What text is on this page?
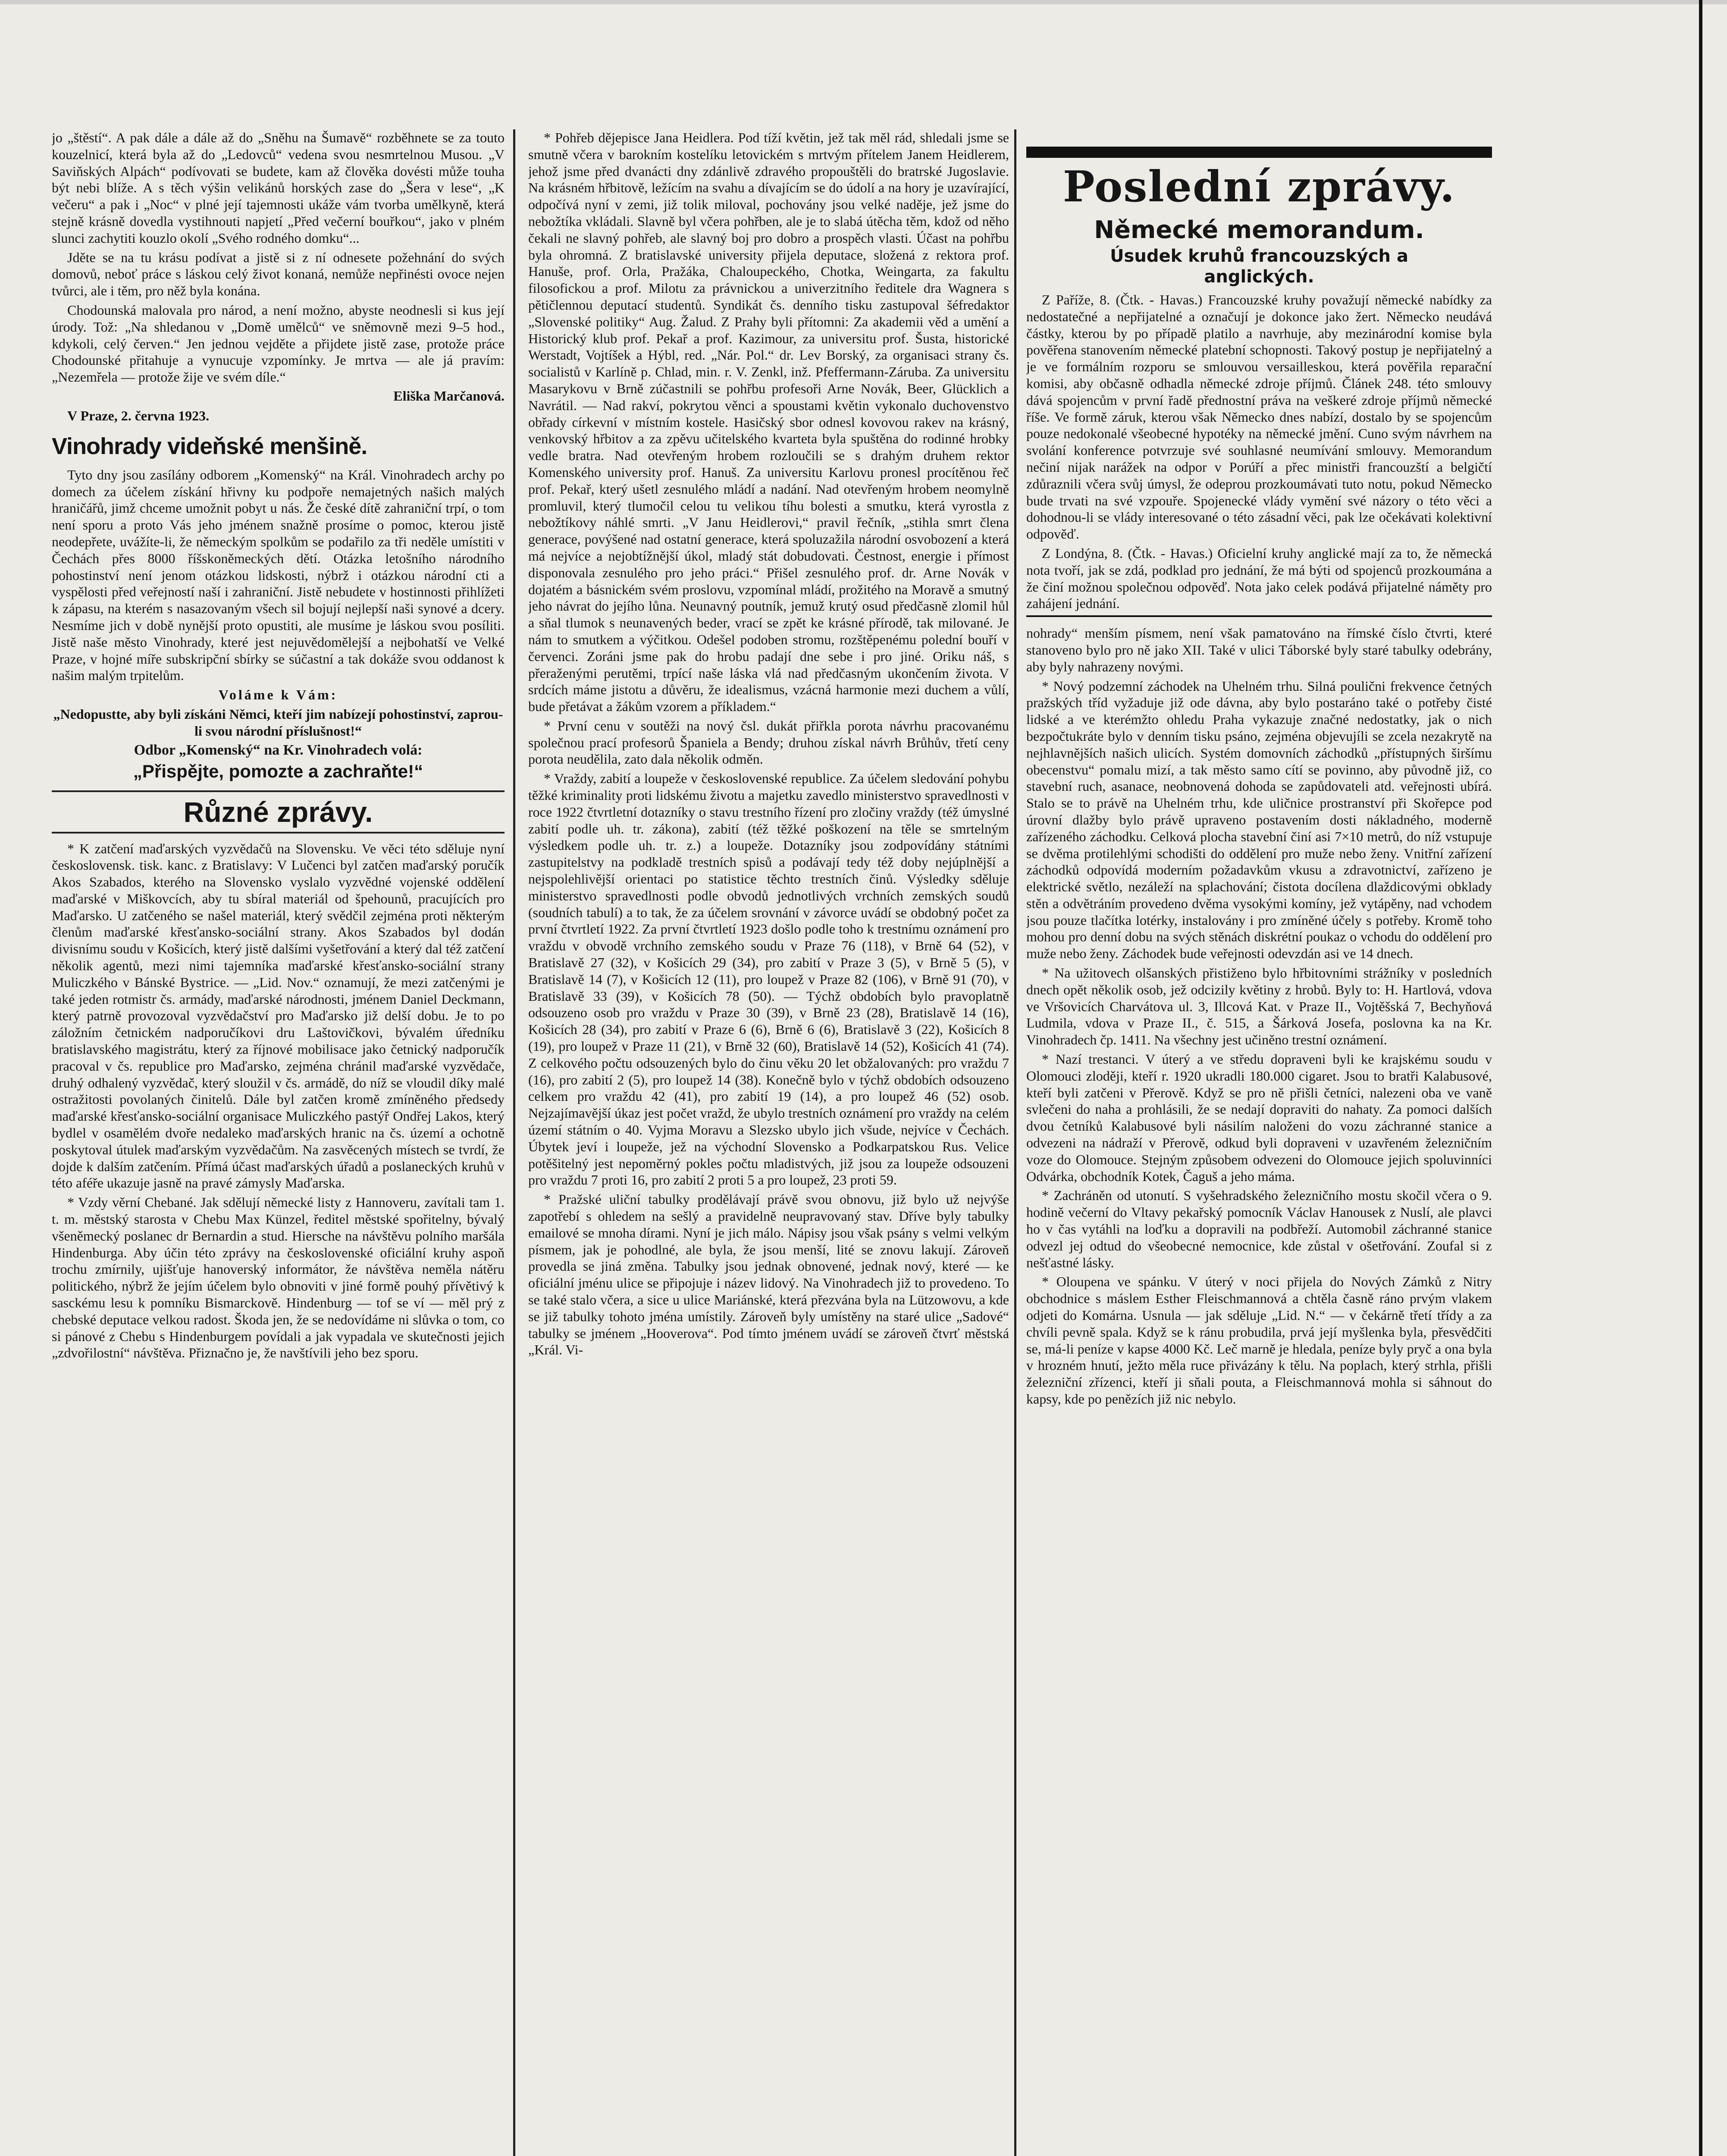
jo „štěstí“. A pak dále a dále až do „Sněhu na Šumavě“ rozběhnete se za touto kouzelnicí, která byla až do „Ledovců“ vedena svou nesmrtelnou Musou. „V Saviňských Alpách“ podívovati se budete, kam až člověka dovésti může touha být nebi blíže. A s těch výšin velikánů horských zase do „Šera v lese“, „K večeru“ a pak i „Noc“ v plné její tajemnosti ukáže vám tvorba umělkyně, která stejně krásně dovedla vystihnouti napjetí „Před večerní bouřkou“, jako v plném slunci zachytiti kouzlo okolí „Svého rodného domku“...

Jděte se na tu krásu podívat a jistě si z ní odnesete požehnání do svých domovů, neboť práce s láskou celý život konaná, nemůže nepřinésti ovoce nejen tvůrci, ale i těm, pro něž byla konána.

Chodounská malovala pro národ, a není možno, abyste neodnesli si kus její úrody. Tož: „Na shledanou v „Domě umělců“ ve sněmovně mezi 9–5 hod., kdykoli, celý červen.“ Jen jednou vejděte a přijdete jistě zase, protože práce Chodounské přitahuje a vynucuje vzpomínky. Je mrtva — ale já pravím: „Nezemřela — protože žije ve svém díle.“

Eliška Marčanová.

V Praze, 2. června 1923.

Vinohrady videňské menšině.

Tyto dny jsou zasílány odborem „Komenský“ na Král. Vinohradech archy po domech za účelem získání hřivny ku podpoře nemajetných našich malých hraničářů, jimž chceme umožnit pobyt u nás. Že české dítě zahraniční trpí, o tom není sporu a proto Vás jeho jménem snažně prosíme o pomoc, kterou jistě neodepřete, uvážíte-li, že německým spolkům se podařilo za tři neděle umístiti v Čechách přes 8000 říšskoněmeckých dětí. Otázka letošního národního pohostinství není jenom otázkou lidskosti, nýbrž i otázkou národní cti a vyspělosti před veřejností naší i zahraniční. Jistě nebudete v hostinnosti přihlížeti k zápasu, na kterém s nasazovaným všech sil bojují nejlepší naši synové a dcery. Nesmíme jich v době nynější proto opustiti, ale musíme je láskou svou posíliti. Jistě naše město Vinohrady, které jest nejuvědomělejší a nejbohatší ve Velké Praze, v hojné míře subskripční sbírky se súčastní a tak dokáže svou oddanost k našim malým trpitelům.

Voláme k Vám:

„Nedopustte, aby byli získáni Němci, kteří jim nabízejí pohostinství, zaprou-li svou národní příslušnost!“

Odbor „Komenský“ na Kr. Vinohradech volá:
„Přispějte, pomozte a zachraňte!“
Různé zprávy.

* K zatčení maďarských vyzvědačů na Slovensku. Ve věci této sděluje nyní československ. tisk. kanc. z Bratislavy: V Lučenci byl zatčen maďarský poručík Akos Szabados, kterého na Slovensko vyslalo vyzvědné vojenské oddělení maďarské v Miškovcích, aby tu sbíral materiál od špehounů, pracujících pro Maďarsko. U zatčeného se našel materiál, který svědčil zejména proti některým členům maďarské křesťansko-sociální strany. Akos Szabados byl dodán divisnímu soudu v Košicích, který jistě dalšími vyšetřování a který dal též zatčení několik agentů, mezi nimi tajemníka maďarské křesťansko-sociální strany Muliczkého v Bánské Bystrice. — „Lid. Nov.“ oznamují, že mezi zatčenými je také jeden rotmistr čs. armády, maďarské národnosti, jménem Daniel Deckmann, který patrně provozoval vyzvědačství pro Maďarsko již delší dobu. Je to po záložním četnickém nadporučíkovi dru Laštovičkovi, bývalém úředníku bratislavského magistrátu, který za říjnové mobilisace jako četnický nadporučík pracoval v čs. republice pro Maďarsko, zejména chránil maďarské vyzvědače, druhý odhalený vyzvědač, který sloužil v čs. armádě, do níž se vloudil díky malé ostražitosti povolaných činitelů. Dále byl zatčen kromě zmíněného předsedy maďarské křesťansko-sociální organisace Muliczkého pastýř Ondřej Lakos, který bydlel v osamělém dvoře nedaleko maďarských hranic na čs. území a ochotně poskytoval útulek maďarským vyzvědačům. Na zasvěcených místech se tvrdí, že dojde k dalším zatčením. Přímá účast maďarských úřadů a poslaneckých kruhů v této aféře ukazuje jasně na pravé zámysly Maďarska.

* Vzdy věrní Chebané. Jak sdělují německé listy z Hannoveru, zavítali tam 1. t. m. městský starosta v Chebu Max Künzel, ředitel městské spořitelny, bývalý všeněmecký poslanec dr Bernardin a stud. Hiersche na návštěvu polního maršála Hindenburga. Aby účin této zprávy na československé oficiální kruhy aspoň trochu zmírnily, ujišťuje hanoverský informátor, že návštěva neměla nátěru politického, nýbrž že jejím účelem bylo obnoviti v jiné formě pouhý přívětivý k sasckému lesu k pomníku Bismarckově. Hindenburg — tof se ví — měl prý z chebské deputace velkou radost. Škoda jen, že se nedovídáme ni slůvka o tom, co si pánové z Chebu s Hindenburgem povídali a jak vypadala ve skutečnosti jejich „zdvořilostní“ návštěva. Přiznačno je, že navštívili jeho bez sporu.

* Pohřeb dějepisce Jana Heidlera. Pod tíží květin, jež tak měl rád, shledali jsme se smutně včera v barokním kostelíku letovickém s mrtvým přítelem Janem Heidlerem, jehož jsme před dvanácti dny zdánlivě zdravého propouštěli do bratrské Jugoslavie. Na krásném hřbitově, ležícím na svahu a dívajícím se do údolí a na hory je uzavírající, odpočívá nyní v zemi, již tolik miloval, pochovány jsou velké naděje, jež jsme do nebožtíka vkládali. Slavně byl včera pohřben, ale je to slabá útěcha těm, kdož od něho čekali ne slavný pohřeb, ale slavný boj pro dobro a prospěch vlasti. Účast na pohřbu byla ohromná. Z bratislavské university přijela deputace, složená z rektora prof. Hanuše, prof. Orla, Pražáka, Chaloupeckého, Chotka, Weingarta, za fakultu filosofickou a prof. Milotu za právnickou a univerzitního ředitele dra Wagnera s pětičlennou deputací studentů. Syndikát čs. denního tisku zastupoval šéfredaktor „Slovenské politiky“ Aug. Žalud. Z Prahy byli přítomni: Za akademii věd a umění a Historický klub prof. Pekař a prof. Kazimour, za universitu prof. Šusta, historické Werstadt, Vojtíšek a Hýbl, red. „Nár. Pol.“ dr. Lev Borský, za organisaci strany čs. socialistů v Karlíně p. Chlad, min. r. V. Zenkl, inž. Pfeffermann-Záruba. Za universitu Masarykovu v Brně zúčastnili se pohřbu profesoři Arne Novák, Beer, Glücklich a Navrátil. — Nad rakví, pokrytou věnci a spoustami květin vykonalo duchovenstvo obřady církevní v místním kostele. Hasičský sbor odnesl kovovou rakev na krásný, venkovský hřbitov a za zpěvu učitelského kvarteta byla spuštěna do rodinné hrobky vedle bratra. Nad otevřeným hrobem rozloučili se s drahým druhem rektor Komenského university prof. Hanuš. Za universitu Karlovu pronesl procítěnou řeč prof. Pekař, který ušetl zesnulého mládí a nadání. Nad otevřeným hrobem neomylně promluvil, který tlumočil celou tu velikou tíhu bolesti a smutku, která vyrostla z nebožtíkovy náhlé smrti. „V Janu Heidlerovi,“ pravil řečník, „stihla smrt člena generace, povýšené nad ostatní generace, která spoluzažila národní osvobození a která má nejvíce a nejobtížnější úkol, mladý stát dobudovati. Čestnost, energie i přímost disponovala zesnulého pro jeho práci.“ Přišel zesnulého prof. dr. Arne Novák v dojatém a básnickém svém proslovu, vzpomínal mládí, prožitého na Moravě a smutný jeho návrat do jejího lůna. Neunavný poutník, jemuž krutý osud předčasně zlomil hůl a sňal tlumok s neunavených beder, vrací se zpět ke krásné přírodě, tak milované. Je nám to smutkem a výčitkou. Odešel podoben stromu, rozštěpenému polední bouří v červenci. Zoráni jsme pak do hrobu padají dne sebe i pro jiné. Oriku náš, s přeraženými perutěmi, trpící naše láska vlá nad předčasným ukončením života. V srdcích máme jistotu a důvěru, že idealismus, vzácná harmonie mezi duchem a vůlí, bude přetávat a žákům vzorem a příkladem.“

* První cenu v soutěži na nový čsl. dukát přiřkla porota návrhu pracovanému společnou prací profesorů Španiela a Bendy; druhou získal návrh Brůhův, třetí ceny porota neudělila, zato dala několik odměn.

* Vraždy, zabití a loupeže v československé republice. Za účelem sledování pohybu těžké kriminality proti lidskému životu a majetku zavedlo ministerstvo spravedlnosti v roce 1922 čtvrtletní dotazníky o stavu trestního řízení pro zločiny vraždy (též úmyslné zabití podle uh. tr. zákona), zabití (též těžké poškození na těle se smrtelným výsledkem podle uh. tr. z.) a loupeže. Dotazníky jsou zodpovídány státními zastupitelstvy na podkladě trestních spisů a podávají tedy též doby nejúplnější a nejspolehlivější orientaci po statistice těchto trestních činů. Výsledky sděluje ministerstvo spravedlnosti podle obvodů jednotlivých vrchních zemských soudů (soudních tabulí) a to tak, že za účelem srovnání v závorce uvádí se obdobný počet za první čtvrtletí 1922. Za první čtvrtletí 1923 došlo podle toho k trestnímu oznámení pro vraždu v obvodě vrchního zemského soudu v Praze 76 (118), v Brně 64 (52), v Bratislavě 27 (32), v Košicích 29 (34), pro zabití v Praze 3 (5), v Brně 5 (5), v Bratislavě 14 (7), v Košicích 12 (11), pro loupež v Praze 82 (106), v Brně 91 (70), v Bratislavě 33 (39), v Košicích 78 (50). — Týchž obdobích bylo pravoplatně odsouzeno osob pro vraždu v Praze 30 (39), v Brně 23 (28), Bratislavě 14 (16), Košicích 28 (34), pro zabití v Praze 6 (6), Brně 6 (6), Bratislavě 3 (22), Košicích 8 (19), pro loupež v Praze 11 (21), v Brně 32 (60), Bratislavě 14 (52), Košicích 41 (74). Z celkového počtu odsouzených bylo do činu věku 20 let obžalovaných: pro vraždu 7 (16), pro zabití 2 (5), pro loupež 14 (38). Konečně bylo v týchž obdobích odsouzeno celkem pro vraždu 42 (41), pro zabití 19 (14), a pro loupež 46 (52) osob. Nejzajímavější úkaz jest počet vražd, že ubylo trestních oznámení pro vraždy na celém území státním o 40. Vyjma Moravu a Slezsko ubylo jich všude, nejvíce v Čechách. Úbytek jeví i loupeže, jež na východní Slovensko a Podkarpatskou Rus. Velice potěšitelný jest nepoměrný pokles počtu mladistvých, již jsou za loupeže odsouzeni pro vraždu 7 proti 16, pro zabití 2 proti 5 a pro loupež, 23 proti 59.

* Pražské uliční tabulky prodělávají právě svou obnovu, již bylo už nejvýše zapotřebí s ohledem na sešlý a pravidelně neupravovaný stav. Dříve byly tabulky emailové se mnoha dírami. Nyní je jich málo. Nápisy jsou však psány s velmi velkým písmem, jak je pohodlné, ale byla, že jsou menší, lité se znovu lakují. Zároveň provedla se jiná změna. Tabulky jsou jednak obnovené, jednak nový, které — ke oficiální jménu ulice se připojuje i název lidový. Na Vinohradech již to provedeno. To se také stalo včera, a sice u ulice Mariánské, která přezvána byla na Lützowovu, a kde se již tabulky tohoto jména umístily. Zároveň byly umístěny na staré ulice „Sadové“ tabulky se jménem „Hooverova“. Pod tímto jménem uvádí se zároveň čtvrť městská „Král. Vi-

Poslední zprávy.
Německé memorandum.
Úsudek kruhů francouzských a anglických.

Z Paříže, 8. (Čtk. - Havas.) Francouzské kruhy považují německé nabídky za nedostatečné a nepřijatelné a označují je dokonce jako žert. Německo neudává částky, kterou by po případě platilo a navrhuje, aby mezinárodní komise byla pověřena stanovením německé platební schopnosti. Takový postup je nepřijatelný a je ve formálním rozporu se smlouvou versailleskou, která pověřila reparační komisi, aby občasně odhadla německé zdroje příjmů. Článek 248. této smlouvy dává spojencům v první řadě přednostní práva na veškeré zdroje příjmů německé říše. Ve formě záruk, kterou však Německo dnes nabízí, dostalo by se spojencům pouze nedokonalé všeobecné hypotéky na německé jmění. Cuno svým návrhem na svolání konference potvrzuje své souhlasné neumívání smlouvy. Memorandum nečiní nijak narážek na odpor v Porúří a přec ministři francouzští a belgičtí zdůraznili včera svůj úmysl, že odeprou prozkoumávati tuto notu, pokud Německo bude trvati na své vzpouře. Spojenecké vlády vymění své názory o této věci a dohodnou-li se vlády interesované o této zásadní věci, pak lze očekávati kolektivní odpověď.

Z Londýna, 8. (Čtk. - Havas.) Oficielní kruhy anglické mají za to, že německá nota tvoří, jak se zdá, podklad pro jednání, že má býti od spojenců prozkoumána a že činí možnou společnou odpověď. Nota jako celek podává přijatelné náměty pro zahájení jednání.

nohrady“ menším písmem, není však pamatováno na římské číslo čtvrti, které stanoveno bylo pro ně jako XII. Také v ulici Táborské byly staré tabulky odebrány, aby byly nahrazeny novými.

* Nový podzemní záchodek na Uhelném trhu. Silná poulični frekvence četných pražských tříd vyžaduje již ode dávna, aby bylo postaráno také o potřeby čisté lidské a ve kterémžto ohledu Praha vykazuje značné nedostatky, jak o nich bezpočtukráte bylo v denním tisku psáno, zejména objevujíli se zcela nezakrytě na nejhlavnějších našich ulicích. Systém domovních záchodků „přístupných širšímu obecenstvu“ pomalu mizí, a tak město samo cítí se povinno, aby původně již, co stavební ruch, asanace, neobnovená dohoda se zapůdovateli atd. veřejnosti ubírá. Stalo se to právě na Uhelném trhu, kde uličnice prostranství při Skořepce pod úrovní dlažby bylo právě upraveno postavením dosti nákladného, moderně zařízeného záchodku. Celková plocha stavební činí asi 7×10 metrů, do níž vstupuje se dvěma protilehlými schodišti do oddělení pro muže nebo ženy. Vnitřní zařízení záchodků odpovídá moderním požadavkům vkusu a zdravotnictví, zařízeno je elektrické světlo, nezáleží na splachování; čistota docílena dlaždicovými obklady stěn a odvětráním provedeno dvěma vysokými komíny, jež vytápěny, nad vchodem jsou pouze tlačítka lotérky, instalovány i pro zmíněné účely s potřeby. Kromě toho mohou pro denní dobu na svých stěnách diskrétní poukaz o vchodu do oddělení pro muže nebo ženy. Záchodek bude veřejnosti odevzdán asi ve 14 dnech.

* Na užitovech olšanských přistiženo bylo hřbitovními strážníky v posledních dnech opět několik osob, jež odcizily květiny z hrobů. Byly to: H. Hartlová, vdova ve Vršovicích Charvátova ul. 3, Illcová Kat. v Praze II., Vojtěšská 7, Bechyňová Ludmila, vdova v Praze II., č. 515, a Šárková Josefa, poslovna ka na Kr. Vinohradech čp. 1411. Na všechny jest učiněno trestní oznámení.

* Nazí trestanci. V úterý a ve středu dopraveni byli ke krajskému soudu v Olomouci zloději, kteří r. 1920 ukradli 180.000 cigaret. Jsou to bratři Kalabusové, kteří byli zatčeni v Přerově. Když se pro ně přišli četníci, nalezeni oba ve vaně svlečeni do naha a prohlásili, že se nedají dopraviti do nahaty. Za pomoci dalších dvou četníků Kalabusové byli násilím naloženi do vozu záchranné stanice a odvezeni na nádraží v Přerově, odkud byli dopraveni v uzavřeném železničním voze do Olomouce. Stejným způsobem odvezeni do Olomouce jejich spoluvinníci Odvárka, obchodník Kotek, Čaguš a jeho máma.

* Zachráněn od utonutí. S vyšehradského železničního mostu skočil včera o 9. hodině večerní do Vltavy pekařský pomocník Václav Hanousek z Nuslí, ale plavci ho v čas vytáhli na loďku a dopravili na podbřeží. Automobil záchranné stanice odvezl jej odtud do všeobecné nemocnice, kde zůstal v ošetřování. Zoufal si z nešťastné lásky.

* Oloupena ve spánku. V úterý v noci přijela do Nových Zámků z Nitry obchodnice s máslem Esther Fleischmannová a chtěla časně ráno prvým vlakem odjeti do Komárna. Usnula — jak sděluje „Lid. N.“ — v čekárně třetí třídy a za chvíli pevně spala. Když se k ránu probudila, prvá její myšlenka byla, přesvědčiti se, má-li peníze v kapse 4000 Kč. Leč marně je hledala, peníze byly pryč a ona byla v hrozném hnutí, ježto měla ruce přivázány k tělu. Na poplach, který strhla, přišli železniční zřízenci, kteří ji sňali pouta, a Fleischmannová mohla si sáhnout do kapsy, kde po penězích již nic nebylo.
